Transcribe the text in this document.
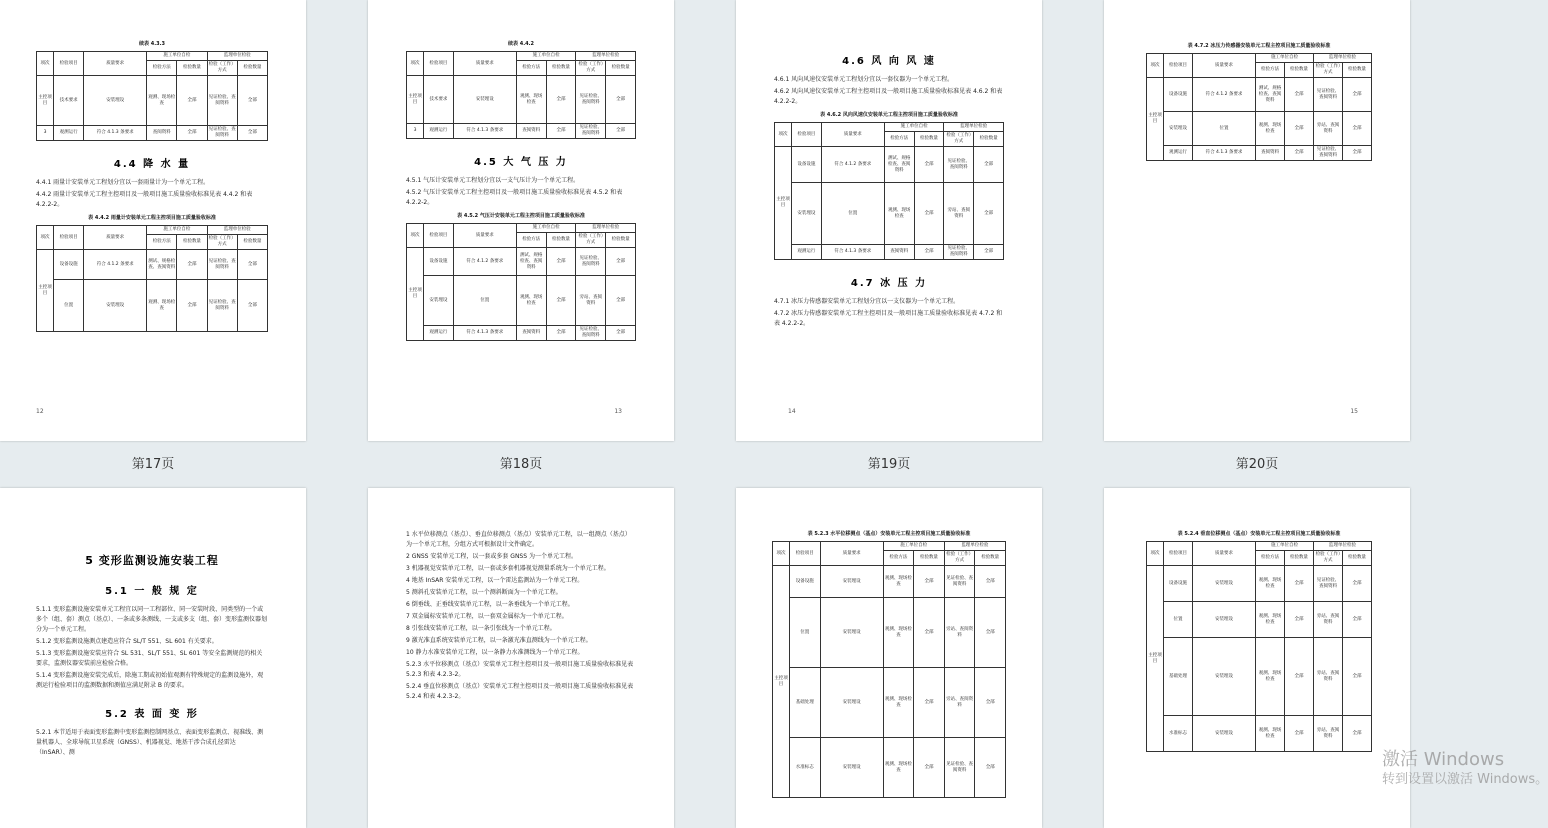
续表 4.3.3
项次	检验项目	质量要求	施工单位自检		监理单位检验	
			检验方法	检验数量	检验（工作）方式	检验数量
主控项目	技术要求	安装埋设	观测、现场检查	全部	见证检验、查阅资料	全部
3	观测运行	符合 4.1.3 条要求	查阅资料	全部	见证检验、查阅资料	全部
4.4 降 水 量

4.4.1 雨量计安装单元工程划分宜以一套雨量计为一个单元工程。

4.4.2 雨量计安装单元工程主控项目及一般项目施工质量验收标准见表 4.4.2 和表 4.2.2-2。

表 4.4.2 雨量计安装单元工程主控项目施工质量验收标准
项次	检验项目	质量要求	施工单位自检		监理单位检验	
			检验方法	检验数量	检验（工作）方式	检验数量
主控项目	设备设施	符合 4.1.2 条要求	测试、规格检查、查阅资料	全部	见证检验、查阅资料	全部
	位置	安装埋设	观测、现场检查	全部	见证检验、查阅资料	全部
12
第17页
续表 4.4.2
项次	检验项目	质量要求	施工单位自检		监理单位检验	
			检验方法	检验数量	检验（工作）方式	检验数量
主控项目	技术要求	安装埋设	观测、现场检查	全部	见证检验、查阅资料	全部
3	观测运行	符合 4.1.3 条要求	查阅资料	全部	见证检验、查阅资料	全部
4.5 大 气 压 力

4.5.1 气压计安装单元工程划分宜以一支气压计为一个单元工程。

4.5.2 气压计安装单元工程主控项目及一般项目施工质量验收标准见表 4.5.2 和表 4.2.2-2。

表 4.5.2 气压计安装单元工程主控项目施工质量验收标准
项次	检验项目	质量要求	施工单位自检		监理单位检验	
			检验方法	检验数量	检验（工作）方式	检验数量
主控项目	设备设施	符合 4.1.2 条要求	测试、规格检查、查阅资料	全部	见证检验、查阅资料	全部
	安装埋设	位置	观测、现场检查	全部	旁站、查阅资料	全部
	观测运行	符合 4.1.3 条要求	查阅资料	全部	见证检验、查阅资料	全部
13
第18页
4.6 风 向 风 速

4.6.1 风向风速仪安装单元工程划分宜以一套仪器为一个单元工程。

4.6.2 风向风速仪安装单元工程主控项目及一般项目施工质量验收标准见表 4.6.2 和表 4.2.2-2。

表 4.6.2 风向风速仪安装单元工程主控项目施工质量验收标准
项次	检验项目	质量要求	施工单位自检		监理单位检验	
			检验方法	检验数量	检验（工作）方式	检验数量
主控项目	设备设施	符合 4.1.2 条要求	测试、规格检查、查阅资料	全部	见证检验、查阅资料	全部
	安装埋设	位置	观测、现场检查	全部	旁站、查阅资料	全部
	观测运行	符合 4.1.3 条要求	查阅资料	全部	见证检验、查阅资料	全部
4.7 冰 压 力

4.7.1 冰压力传感器安装单元工程划分宜以一支仪器为一个单元工程。

4.7.2 冰压力传感器安装单元工程主控项目及一般项目施工质量验收标准见表 4.7.2 和表 4.2.2-2。

14
第19页
表 4.7.2 冰压力传感器安装单元工程主控项目施工质量验收标准
项次	检验项目	质量要求	施工单位自检		监理单位检验	
			检验方法	检验数量	检验（工作）方式	检验数量
主控项目	设备设施	符合 4.1.2 条要求	测试、规格检查、查阅资料	全部	见证检验、查阅资料	全部
	安装埋设	位置	观测、现场检查	全部	旁站、查阅资料	全部
	观测运行	符合 4.1.3 条要求	查阅资料	全部	见证检验、查阅资料	全部
15
第20页
5 变形监测设施安装工程
5.1 一 般 规 定

5.1.1 变形监测设施安装单元工程宜以同一工程部位、同一安装时段、同类型的一个或多个（组、套）测点（基点）、一条或多条测线、一支或多支（组、套）变形监测仪器划分为一个单元工程。

5.1.2 变形监测设施测点建造应符合 SL/T 551、SL 601 有关要求。

5.1.3 变形监测设施安装应符合 SL 531、SL/T 551、SL 601 等安全监测规范的相关要求，监测仪器安装前应检验合格。

5.1.4 变形监测设施安装完成后，除施工期或初始值观测有特殊规定的监测设施外，观测运行检验项目的监测数据和测值应满足附录 B 的要求。

5.2 表 面 变 形

5.2.1 本节适用于表面变形监测中变形监测控制网基点、表面变形监测点、视准线、测量机器人、全球导航卫星系统（GNSS）、机器视觉、地基干涉合成孔径雷达（InSAR）、测

1 水平位移测点（基点）、垂直位移测点（基点）安装单元工程，以一组测点（基点）为一个单元工程，分组方式可根据设计文件确定。

2 GNSS 安装单元工程，以一套或多套 GNSS 为一个单元工程。

3 机器视觉安装单元工程，以一套或多套机器视觉测量系统为一个单元工程。

4 地基 InSAR 安装单元工程，以一个雷达监测站为一个单元工程。

5 测斜孔安装单元工程，以一个测斜断面为一个单元工程。

6 倒垂线、正垂线安装单元工程，以一条垂线为一个单元工程。

7 双金属标安装单元工程，以一套双金属标为一个单元工程。

8 引张线安装单元工程，以一条引张线为一个单元工程。

9 激光准直系统安装单元工程，以一条激光准直测线为一个单元工程。

10 静力水准安装单元工程，以一条静力水准测线为一个单元工程。

5.2.3 水平位移测点（基点）安装单元工程主控项目及一般项目施工质量验收标准见表 5.2.3 和表 4.2.3-2。

5.2.4 垂直位移测点（基点）安装单元工程主控项目及一般项目施工质量验收标准见表 5.2.4 和表 4.2.3-2。

表 5.2.3 水平位移测点（基点）安装单元工程主控项目施工质量验收标准
项次	检验项目	质量要求	施工单位自检		监理单位检验	
			检验方法	检验数量	检验（工作）方式	检验数量
主控项目	设备设施	安装埋设	观测、现场检查	全部	见证检验、查阅资料	全部
	位置	安装埋设	观测、现场检查	全部	旁站、查阅资料	全部
	基础处理	安装埋设	观测、现场检查	全部	旁站、查阅资料	全部
	水准标志	安装埋设	观测、现场检查	全部	见证检验、查阅资料	全部
表 5.2.4 垂直位移测点（基点）安装单元工程主控项目施工质量验收标准
项次	检验项目	质量要求	施工单位自检		监理单位检验	
			检验方法	检验数量	检验（工作）方式	检验数量
主控项目	设备设施	安装埋设	观测、现场检查	全部	见证检验、查阅资料	全部
	位置	安装埋设	观测、现场检查	全部	旁站、查阅资料	全部
	基础处理	安装埋设	观测、现场检查	全部	旁站、查阅资料	全部
	水准标志	安装埋设	观测、现场检查	全部	旁站、查阅资料	全部
激活 Windows
转到设置以激活 Windows。
